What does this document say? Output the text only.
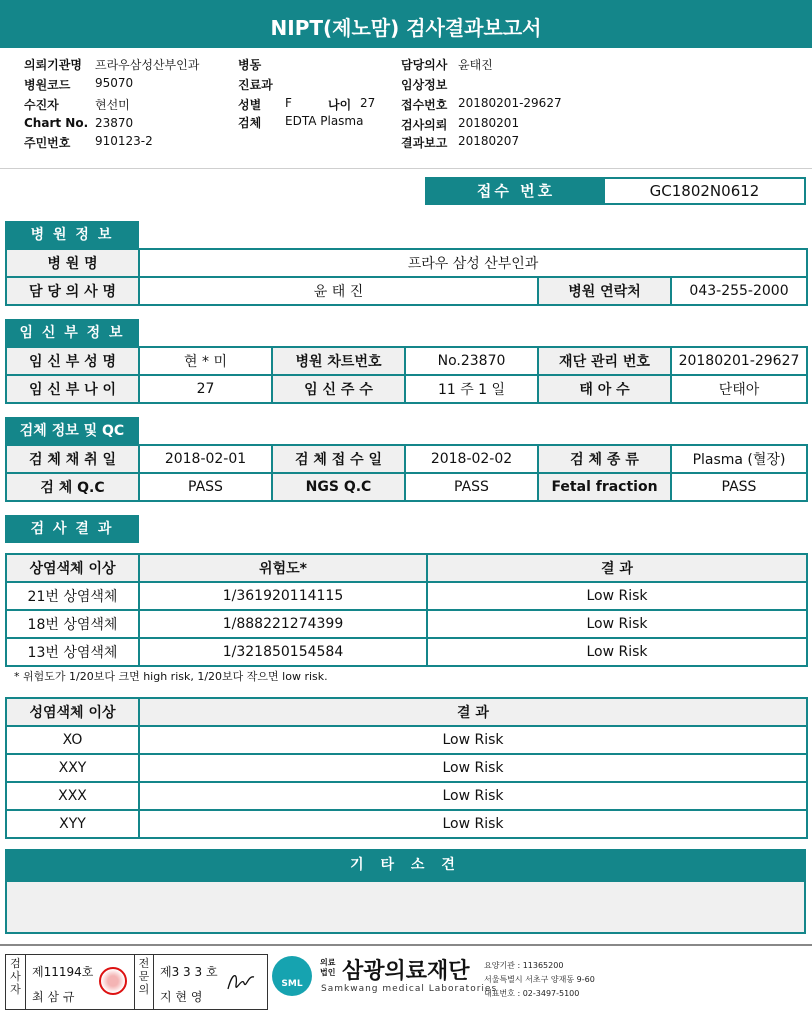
NIPT(제노맘) 검사결과보고서
의뢰기관명 프라우삼성산부인과
병원코드 95070
수진자	현선미
Chart No. 23870
주민번호 910123-2
병동
진료과
성별 F	나이 27
검체 EDTA Plasma
담당의사 윤태진
임상정보
접수번호 20180201-29627
검사의뢰 20180201
결과보고 20180207
접수 번호	GC1802N0612
병 원 정 보
병 원 명	프라우 삼성 산부인과		
담 당 의 사 명	윤 태 진	병원 연락처	043-255-2000
임 신 부 정 보
임 신 부 성 명	현 * 미	병원 차트번호	No.23870	재단 관리 번호	20180201-29627
임 신 부 나 이	27	임 신 주 수	11 주 1 일	태 아 수	단태아
검체 정보 및 QC
검 체 채 취 일	2018-02-01	검 체 접 수 일	2018-02-02	검 체 종 류	Plasma (혈장)
검 체 Q.C	PASS	NGS Q.C	PASS	Fetal fraction	PASS
검 사 결 과
상염색체 이상	위험도*	결 과
21번 상염색체	1/361920114115	Low Risk
18번 상염색체	1/888221274399	Low Risk
13번 상염색체	1/321850154584	Low Risk
* 위험도가 1/20보다 크면 high risk, 1/20보다 작으면 low risk.
성염색체 이상	결 과
XO	Low Risk
XXY	Low Risk
XXX	Low Risk
XYY	Low Risk
기 타 소 견
검사자
제11194호
최 삼 규
전문의
제3 3 3 호
지 현 영
SML
의료
법인 삼광의료재단
Samkwang medical Laboratories
요양기관 : 11365200
서울특별시 서초구 양재동 9-60
대표번호 : 02-3497-5100
